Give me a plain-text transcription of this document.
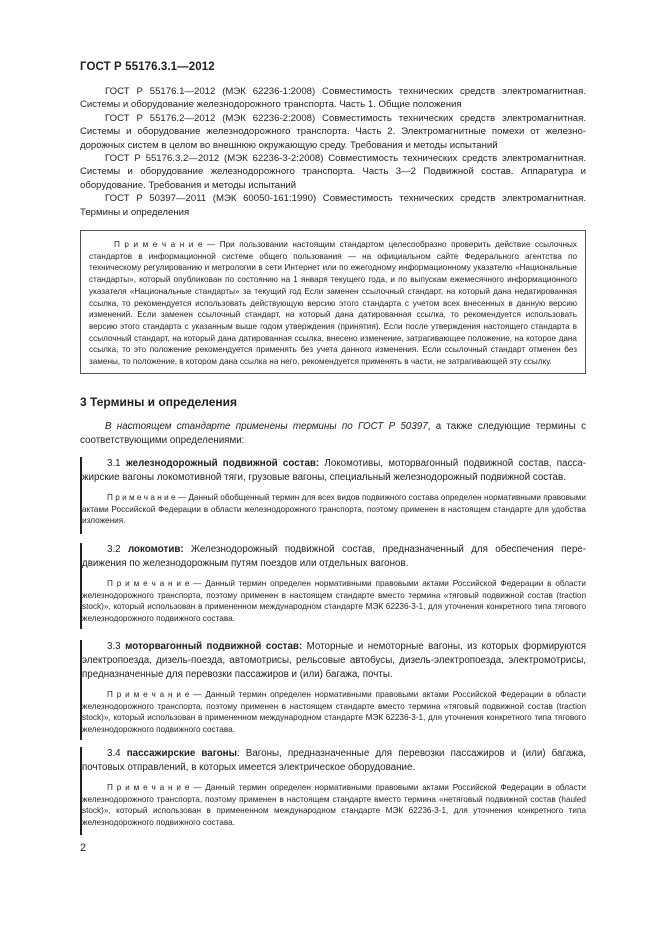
ГОСТ Р 55176.3.1—2012

ГОСТ Р 55176.1—2012 (МЭК 62236-1:2008) Совместимость технических средств электромагнитная. Системы и оборудование железнодорожного транспорта. Часть 1. Общие положения

ГОСТ Р 55176.2—2012 (МЭК 62236-2:2008) Совместимость технических средств электромагнитная. Системы и оборудование железнодорожного транспорта. Часть 2. Электромагнитные помехи от железнодорожных систем в целом во внешнюю окружающую среду. Требования и методы испытаний

ГОСТ Р 55176.3.2—2012 (МЭК 62236-3-2:2008) Совместимость технических средств электромагнитная. Системы и оборудование железнодорожного транспорта. Часть 3—2 Подвижной состав. Аппаратура и оборудование. Требования и методы испытаний

ГОСТ Р 50397—2011 (МЭК 60050-161:1990) Совместимость технических средств электромагнитная. Термины и определения

П р и м е ч а н и е — При пользовании настоящим стандартом целесообразно проверить действие ссылочных стандартов в информационной системе общего пользования — на официальном сайте Федерального агентства по техническому регулированию и метрологии в сети Интернет или по ежегодному информационному указателю «Национальные стандарты», который опубликован по состоянию на 1 января текущего года, и по выпускам ежемесячного информационного указателя «Национальные стандарты» за текущий год Если заменен ссылочный стандарт, на который дана недатированная ссылка, то рекомендуется использовать действующую версию этого стандарта с учетом всех внесенных в данную версию изменений. Если заменен ссылочный стандарт, на который дана датированная ссылка, то рекомендуется использовать версию этого стандарта с указанным выше годом утверждения (принятия). Если после утверждения настоящего стандарта в ссылочный стандарт, на который дана датированная ссылка, внесено изменение, затрагивающее положение, на которое дана ссылка, то это положение рекомендуется применять без учета данного изменения. Если ссылочный стандарт отменен без замены, то положение, в котором дана ссылка на него, рекомендуется применять в части, не затрагивающей эту ссылку.

3 Термины и определения

В настоящем стандарте применены термины по ГОСТ Р 50397, а также следующие термины с соответствующими определениями:

3.1 железнодорожный подвижной состав: Локомотивы, моторвагонный подвижной состав, пассажирские вагоны локомотивной тяги, грузовые вагоны, специальный железнодорожный подвижной состав.

П р и м е ч а н и е — Данный обобщенный термин для всех видов подвижного состава определен нормативными правовыми актами Российской Федерации в области железнодорожного транспорта, поэтому применен в настоящем стандарте для удобства изложения.

3.2 локомотив: Железнодорожный подвижной состав, предназначенный для обеспечения передвижения по железнодорожным путям поездов или отдельных вагонов.

П р и м е ч а н и е — Данный термин определен нормативными правовыми актами Российской Федерации в области железнодорожного транспорта, поэтому применен в настоящем стандарте вместо термина «тяговый подвижной состав (traction stock)», который использован в примененном международном стандарте МЭК 62236-3-1, для уточнения конкретного типа тягового железнодорожного подвижного состава.

3.3 моторвагонный подвижной состав: Моторные и немоторные вагоны, из которых формируются электропоезда, дизель-поезда, автомотрисы, рельсовые автобусы, дизель-электропоезда, электромотрисы, предназначенные для перевозки пассажиров и (или) багажа, почты.

П р и м е ч а н и е — Данный термин определен нормативными правовыми актами Российской Федерации в области железнодорожного транспорта, поэтому применен в настоящем стандарте вместо термина «тяговый подвижной состав (traction stock)», который использован в примененном международном стандарте МЭК 62236-3-1, для уточнения конкретного типа тягового железнодорожного подвижного состава.

3.4 пассажирские вагоны: Вагоны, предназначенные для перевозки пассажиров и (или) багажа, почтовых отправлений, в которых имеется электрическое оборудование.

П р и м е ч а н и е — Данный термин определен нормативными правовыми актами Российской Федерации в области железнодорожного транспорта, поэтому применен в настоящем стандарте вместо термина «нетяговый подвижной состав (hauled stock)», который использован в примененном международном стандарте МЭК 62236-3-1, для уточнения конкретного типа железнодорожного подвижного состава.

2
